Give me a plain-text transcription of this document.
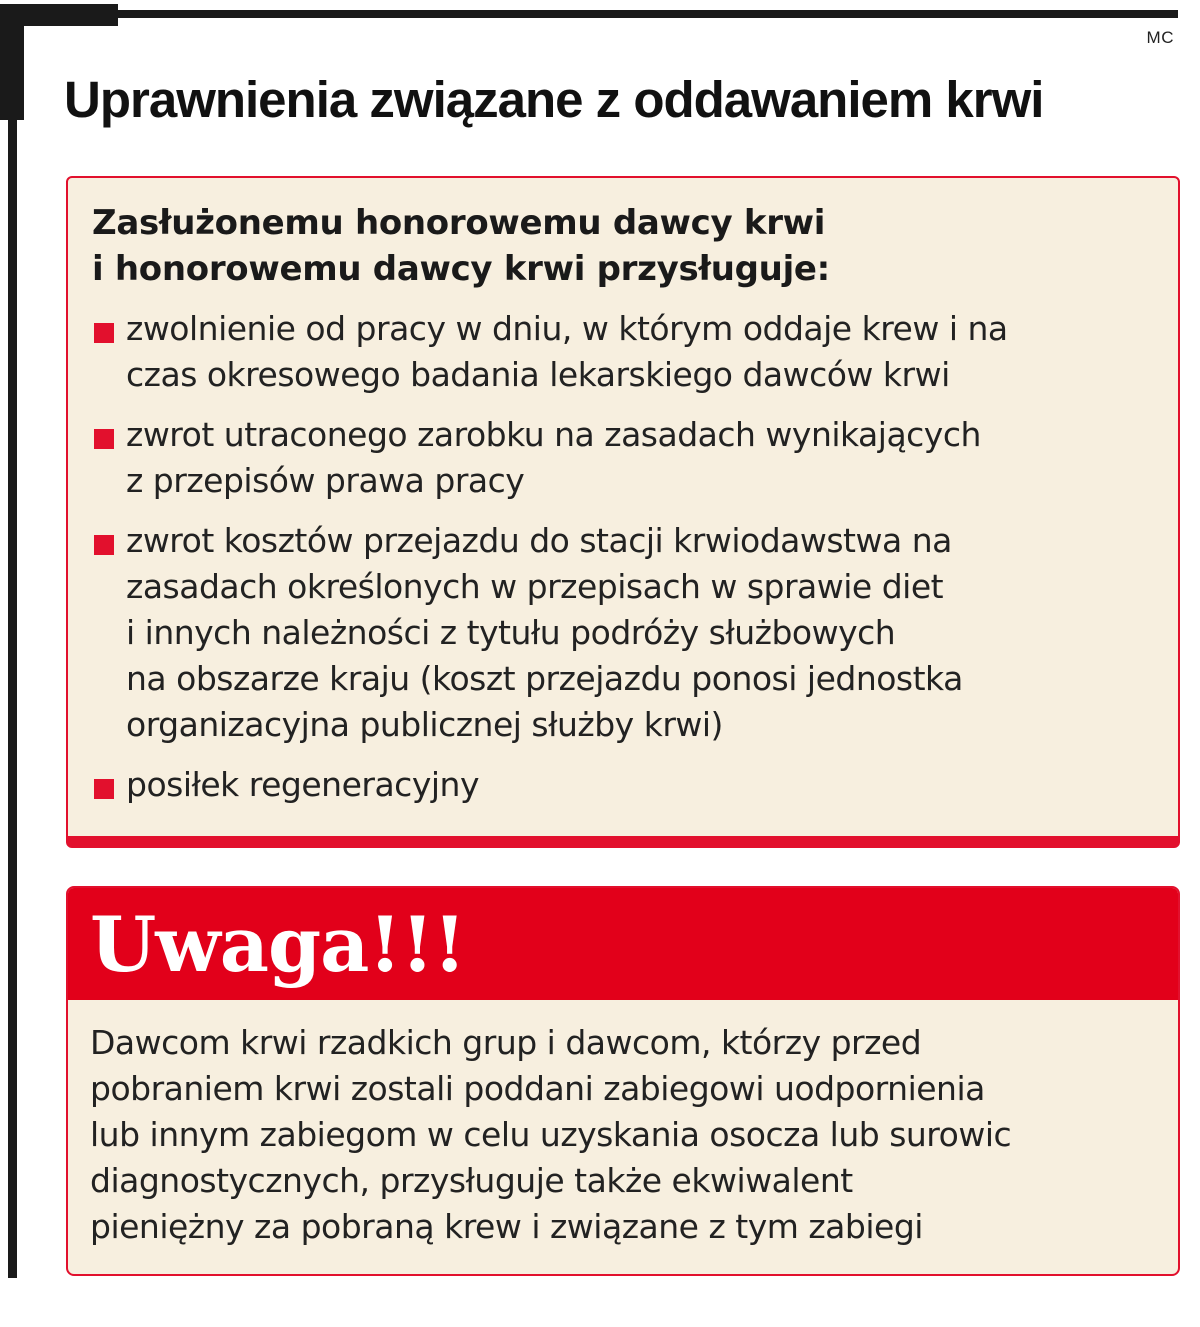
MC
Uprawnienia związane z oddawaniem krwi
Zasłużonemu honorowemu dawcy krwi
i honorowemu dawcy krwi przysługuje:
zwolnienie od pracy w dniu, w którym oddaje krew i na
czas okresowego badania lekarskiego dawców krwi
zwrot utraconego zarobku na zasadach wynikających
z przepisów prawa pracy
zwrot kosztów przejazdu do stacji krwiodawstwa na
zasadach określonych w przepisach w sprawie diet
i innych należności z tytułu podróży służbowych
na obszarze kraju (koszt przejazdu ponosi jednostka
organizacyjna publicznej służby krwi)
posiłek regeneracyjny
Uwaga!!!

Dawcom krwi rzadkich grup i dawcom, którzy przed
pobraniem krwi zostali poddani zabiegowi uodpornienia
lub innym zabiegom w celu uzyskania osocza lub surowic
diagnostycznych, przysługuje także ekwiwalent
pieniężny za pobraną krew i związane z tym zabiegi
